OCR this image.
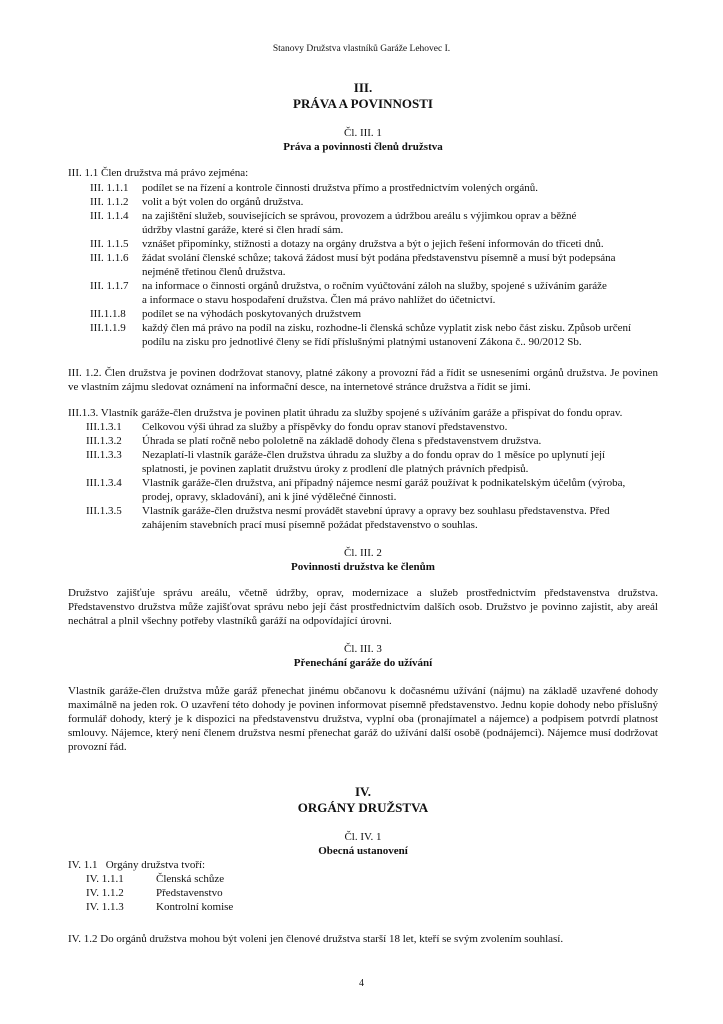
Stanovy Družstva vlastníků Garáže Lehovec I.
III.
PRÁVA A POVINNOSTI
Čl. III. 1
Práva a povinnosti členů družstva
III. 1.1 Člen družstva má právo zejména:
III. 1.1.1 podílet se na řízení a kontrole činnosti družstva přímo a prostřednictvím volených orgánů.
III. 1.1.2 volit a být volen do orgánů družstva.
III. 1.1.4 na zajištění služeb, souvisejících se správou, provozem a údržbou areálu s výjimkou oprav a běžné
údržby vlastní garáže, které si člen hradí sám.
III. 1.1.5 vznášet připomínky, stížnosti a dotazy na orgány družstva a být o jejich řešení informován do třiceti dnů.
III. 1.1.6 žádat svolání členské schůze; taková žádost musí být podána představenstvu písemně a musí být podepsána
nejméně třetinou členů družstva.
III. 1.1.7 na informace o činnosti orgánů družstva, o ročním vyúčtování záloh na služby, spojené s užíváním garáže
a informace o stavu hospodaření družstva. Člen má právo nahlížet do účetnictví.
III.1.1.8 podílet se na výhodách poskytovaných družstvem
III.1.1.9 každý člen má právo na podíl na zisku, rozhodne-li členská schůze vyplatit zisk nebo část zisku. Způsob určení
podílu na zisku pro jednotlivé členy se řídí příslušnými platnými ustanovení Zákona č.. 90/2012 Sb.
III. 1.2. Člen družstva je povinen dodržovat stanovy, platné zákony a provozní řád a řídit se usneseními orgánů družstva. Je povinen ve vlastním zájmu sledovat oznámení na informační desce, na internetové stránce družstva a řídit se jimi.
III.1.3. Vlastník garáže-člen družstva je povinen platit úhradu za služby spojené s užíváním garáže a přispívat do fondu oprav.
III.1.3.1 Celkovou výši úhrad za služby a příspěvky do fondu oprav stanoví představenstvo.
III.1.3.2 Úhrada se platí ročně nebo pololetně na základě dohody člena s představenstvem družstva.
III.1.3.3 Nezaplatí-li vlastník garáže-člen družstva úhradu za služby a do fondu oprav do 1 měsíce po uplynutí její
splatnosti, je povinen zaplatit družstvu úroky z prodlení dle platných právních předpisů.
III.1.3.4 Vlastník garáže-člen družstva, ani případný nájemce nesmí garáž používat k podnikatelským účelům (výroba,
prodej, opravy, skladování), ani k jiné výdělečné činnosti.
III.1.3.5 Vlastník garáže-člen družstva nesmí provádět stavební úpravy a opravy bez souhlasu představenstva. Před
zahájením stavebních prací musí písemně požádat představenstvo o souhlas.
Čl. III. 2
Povinnosti družstva ke členům
Družstvo zajišťuje správu areálu, včetně údržby, oprav, modernizace a služeb prostřednictvím představenstva družstva. Představenstvo družstva může zajišťovat správu nebo její část prostřednictvím dalších osob. Družstvo je povinno zajistit, aby areál nechátral a plnil všechny potřeby vlastníků garáží na odpovídající úrovni.
Čl. III. 3
Přenechání garáže do užívání
Vlastník garáže-člen družstva může garáž přenechat jinému občanovu k dočasnému užívání (nájmu) na základě uzavřené dohody maximálně na jeden rok. O uzavření této dohody je povinen informovat písemně představenstvo. Jednu kopie dohody nebo příslušný formulář dohody, který je k dispozici na představenstvu družstva, vyplní oba (pronajímatel a nájemce) a podpisem potvrdí platnost smlouvy. Nájemce, který není členem družstva nesmí přenechat garáž do užívání další osobě (podnájemci). Nájemce musí dodržovat provozní řád.
IV.
ORGÁNY DRUŽSTVA
Čl. IV. 1
Obecná ustanovení
IV. 1.1 Orgány družstva tvoří:
IV. 1.1.1	Členská schůze
IV. 1.1.2	Představenstvo
IV. 1.1.3	Kontrolní komise
IV. 1.2 Do orgánů družstva mohou být voleni jen členové družstva starší 18 let, kteří se svým zvolením souhlasí.
4
